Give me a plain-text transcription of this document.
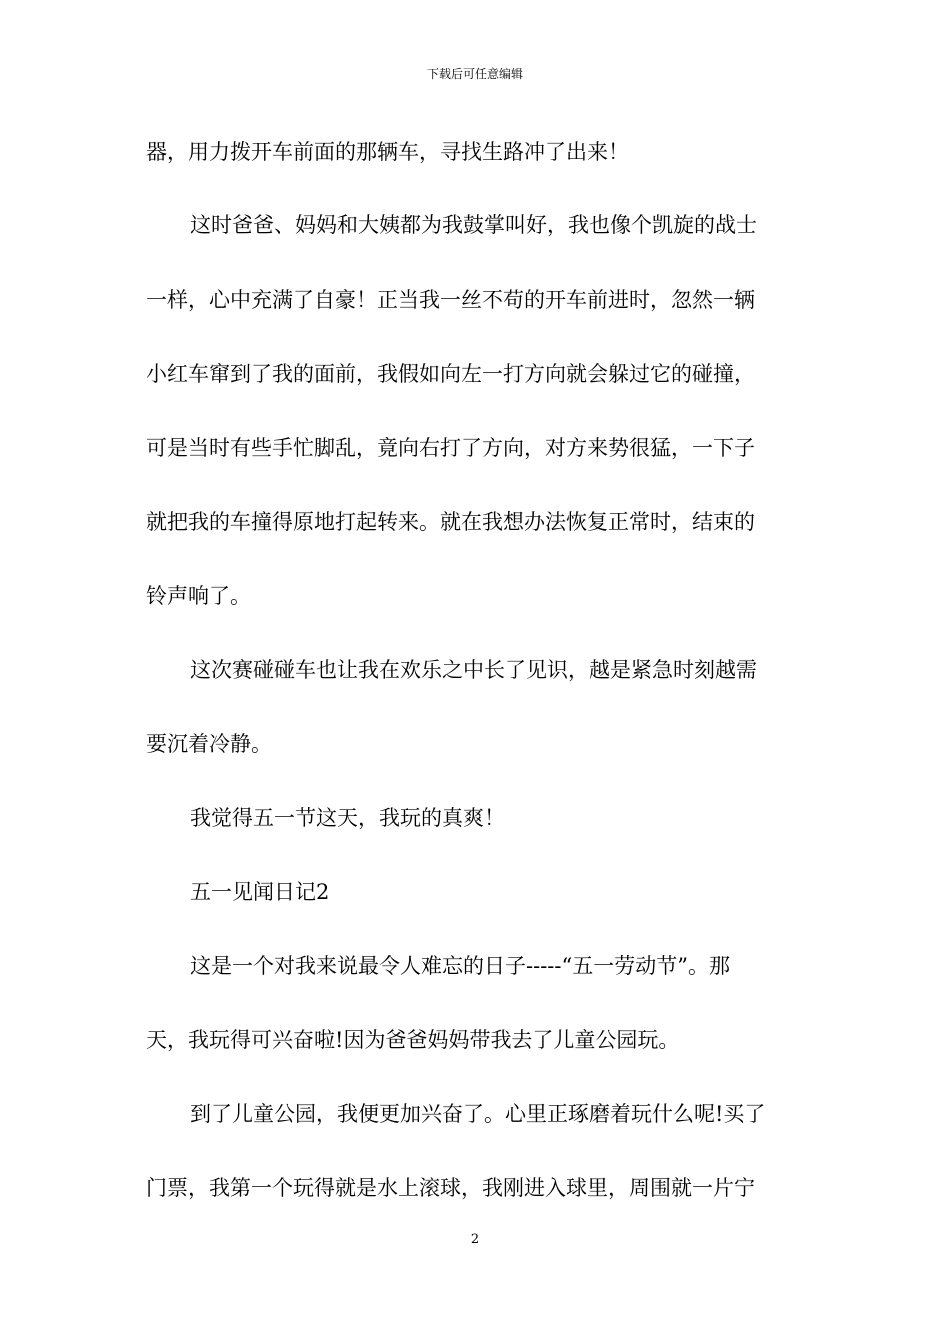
下载后可任意编辑
器，用力拨开车前面的那辆车，寻找生路冲了出来！
这时爸爸、妈妈和大姨都为我鼓掌叫好，我也像个凯旋的战士
一样，心中充满了自豪！正当我一丝不苟的开车前进时，忽然一辆
小红车窜到了我的面前，我假如向左一打方向就会躲过它的碰撞，
可是当时有些手忙脚乱，竟向右打了方向，对方来势很猛，一下子
就把我的车撞得原地打起转来。就在我想办法恢复正常时，结束的
铃声响了。
这次赛碰碰车也让我在欢乐之中长了见识，越是紧急时刻越需
要沉着冷静。
我觉得五一节这天，我玩的真爽！
五一见闻日记2
这是一个对我来说最令人难忘的日子-----“五一劳动节”。那
天，我玩得可兴奋啦!因为爸爸妈妈带我去了儿童公园玩。
到了儿童公园，我便更加兴奋了。心里正琢磨着玩什么呢!买了
门票，我第一个玩得就是水上滚球，我刚进入球里，周围就一片宁
2
